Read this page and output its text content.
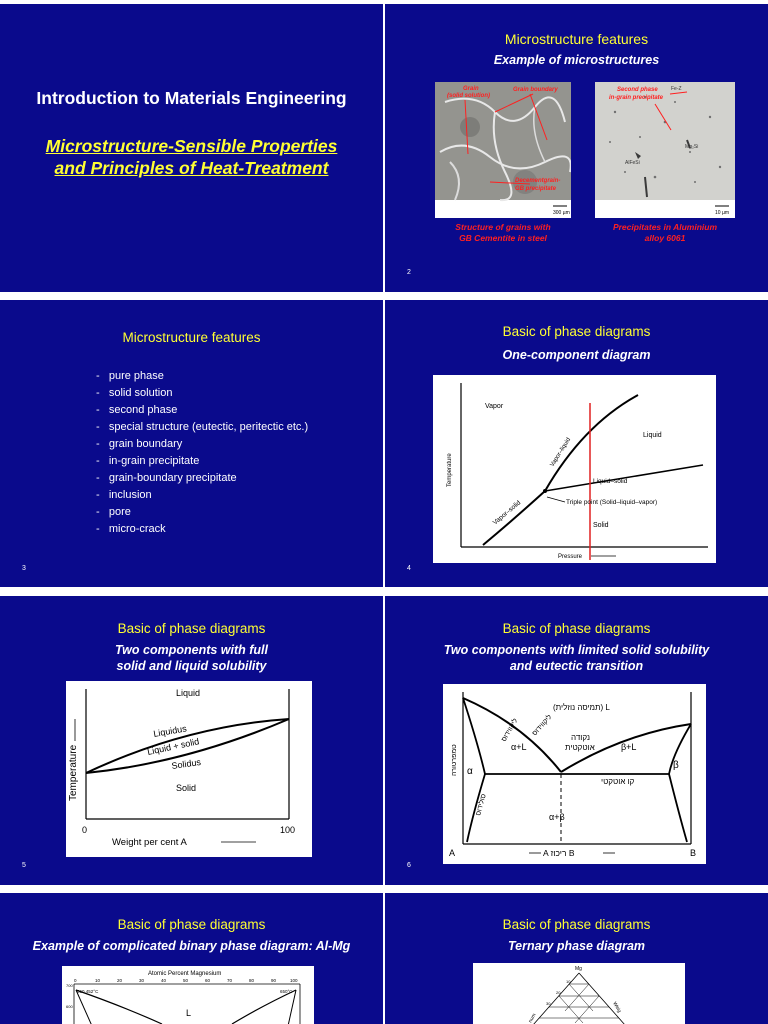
Introduction to Materials Engineering
Microstructure-Sensible Properties
and Principles of Heat-Treatment
Microstructure features
Example of microstructures
Grain
(solid solution)
Grain boundary
Decementgrain-
GB precipitate
300 µm
Structure of grains with
GB Cementite in steel
Second phase
in-grain precipitate
Fe-Z
Mg₂Si
AlFeSi
10 µm
Precipitates in Aluminium
alloy 6061
2
Microstructure features
-   pure phase
-   solid solution
-   second phase
-   special structure (eutectic, peritectic etc.)
-   grain boundary
-   in-grain precipitate
-   grain-boundary precipitate
-   inclusion
-   pore
-   micro-crack
3
Basic of phase diagrams
One-component diagram
Vapor
Liquid
Solid
Vapor–liquid
Liquid–solid
Vapor–solid	Triple point (Solid–liquid–vapor)
Temperature
Pressure
4
Basic of phase diagrams
Two components with full
solid and liquid solubility
Liquid
Liquidus
Liquid + solid
Solidus
Solid
Temperature
0	100
Weight per cent A
5
Basic of phase diagrams
Two components with limited solid solubility
and eutectic transition
(תמיסה נוזלית) L
נקודה
אוטקטית
α+L	β+L
α
β
קו אוטקטי
α+β
טמפרטורה
ליקווידוס ליקווידוס
סולידוס
A	B
A ריכוז B
6
Basic of phase diagrams
Example of complicated binary phase diagram: Al-Mg
Atomic Percent Magnesium
0	10	20	30	40	50	60	70	80	90	100
700
600
660.452°C	650°C
L
Basic of phase diagrams
Ternary phase diagram
Mg
10
20
30
num
Weig
